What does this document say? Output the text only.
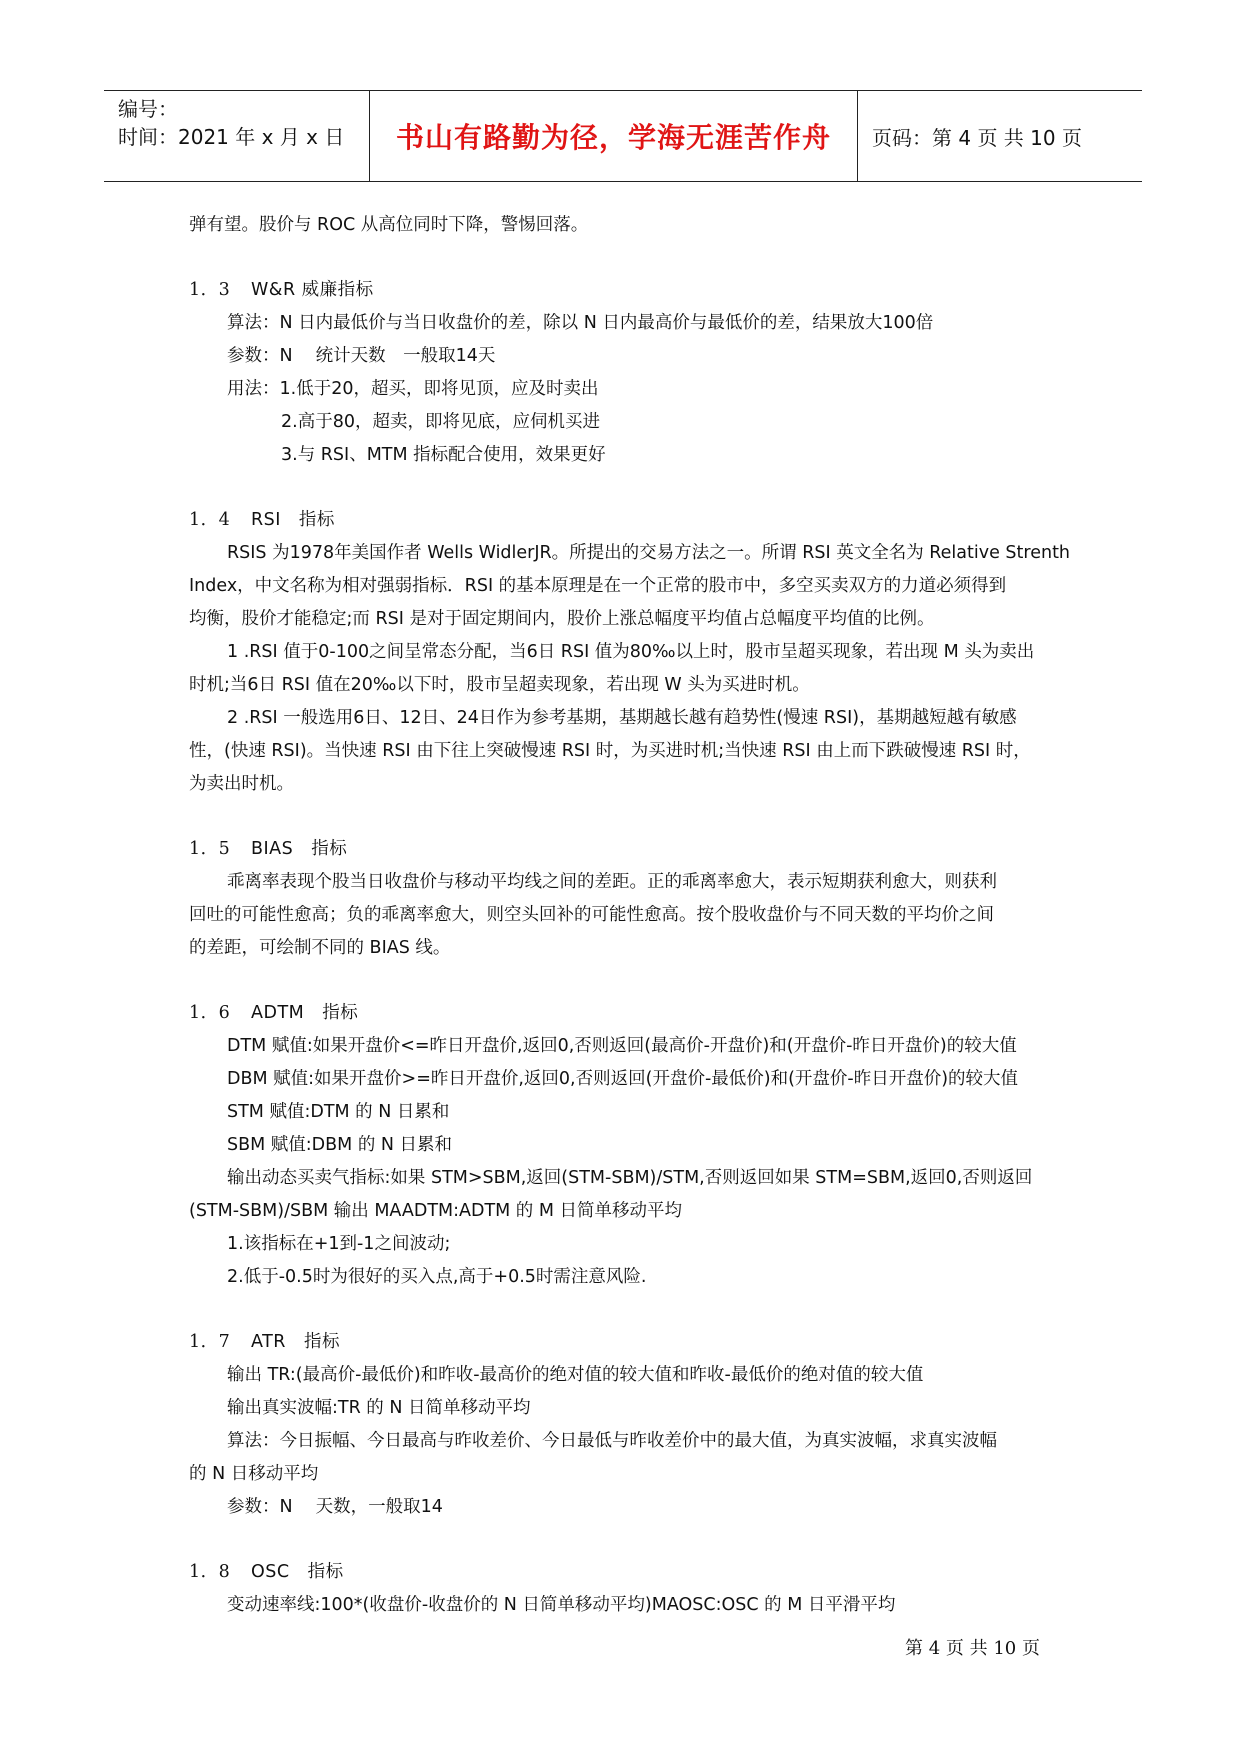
编号：
时间：2021 年 x 月 x 日	书山有路勤为径，学海无涯苦作舟	页码：第 4 页 共 10 页
弹有望。股价与 ROC 从高位同时下降，警惕回落。
1．3 W&R 威廉指标
算法：N 日内最低价与当日收盘价的差，除以 N 日内最高价与最低价的差，结果放大100倍
参数：N　 统计天数　一般取14天
用法：1.低于20，超买，即将见顶，应及时卖出
2.高于80，超卖，即将见底，应伺机买进
3.与 RSI、MTM 指标配合使用，效果更好
1．4 RSI　指标
RSIS 为1978年美国作者 Wells WidlerJR。所提出的交易方法之一。所谓 RSI 英文全名为 Relative Strenth
Index，中文名称为相对强弱指标．RSI 的基本原理是在一个正常的股市中，多空买卖双方的力道必须得到
均衡，股价才能稳定;而 RSI 是对于固定期间内，股价上涨总幅度平均值占总幅度平均值的比例。
1 .RSI 值于0-100之间呈常态分配，当6日 RSI 值为80‰以上时，股市呈超买现象，若出现 M 头为卖出
时机;当6日 RSI 值在20‰以下时，股市呈超卖现象，若出现 W 头为买进时机。
2 .RSI 一般选用6日、12日、24日作为参考基期，基期越长越有趋势性(慢速 RSI)，基期越短越有敏感
性，(快速 RSI)。当快速 RSI 由下往上突破慢速 RSI 时，为买进时机;当快速 RSI 由上而下跌破慢速 RSI 时，
为卖出时机。
1．5 BIAS　指标
乖离率表现个股当日收盘价与移动平均线之间的差距。正的乖离率愈大，表示短期获利愈大，则获利
回吐的可能性愈高；负的乖离率愈大，则空头回补的可能性愈高。按个股收盘价与不同天数的平均价之间
的差距，可绘制不同的 BIAS 线。
1．6 ADTM　指标
DTM 赋值:如果开盘价<=昨日开盘价,返回0,否则返回(最高价-开盘价)和(开盘价-昨日开盘价)的较大值
DBM 赋值:如果开盘价>=昨日开盘价,返回0,否则返回(开盘价-最低价)和(开盘价-昨日开盘价)的较大值
STM 赋值:DTM 的 N 日累和
SBM 赋值:DBM 的 N 日累和
输出动态买卖气指标:如果 STM>SBM,返回(STM-SBM)/STM,否则返回如果 STM=SBM,返回0,否则返回
(STM-SBM)/SBM 输出 MAADTM:ADTM 的 M 日简单移动平均
1.该指标在+1到-1之间波动;
2.低于-0.5时为很好的买入点,高于+0.5时需注意风险.
1．7 ATR　指标
输出 TR:(最高价-最低价)和昨收-最高价的绝对值的较大值和昨收-最低价的绝对值的较大值
输出真实波幅:TR 的 N 日简单移动平均
算法：今日振幅、今日最高与昨收差价、今日最低与昨收差价中的最大值，为真实波幅，求真实波幅
的 N 日移动平均
参数：N　 天数，一般取14
1．8 OSC　指标
变动速率线:100*(收盘价-收盘价的 N 日简单移动平均)MAOSC:OSC 的 M 日平滑平均
第 4 页 共 10 页
